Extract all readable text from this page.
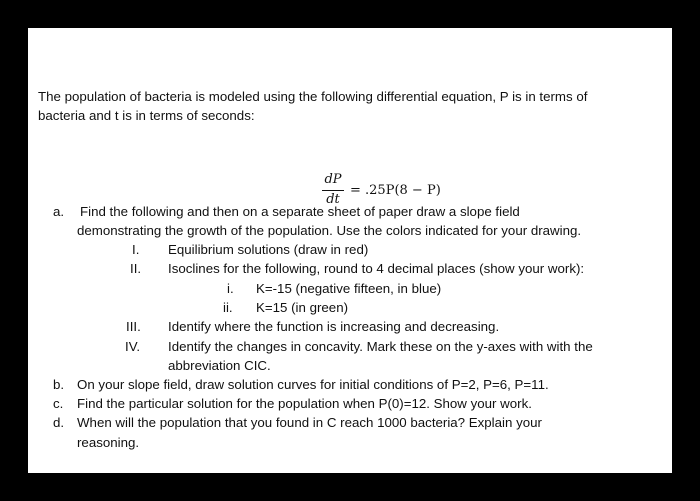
The population of bacteria is modeled using the following differential equation, P is in terms of
bacteria and t is in terms of seconds:
dP
dt
= .25P(8 − P)
a. Find the following and then on a separate sheet of paper draw a slope field
demonstrating the growth of the population. Use the colors indicated for your drawing.
I. Equilibrium solutions (draw in red)
II. Isoclines for the following, round to 4 decimal places (show your work):
i. K=-15 (negative fifteen, in blue)
ii. K=15 (in green)
III. Identify where the function is increasing and decreasing.
IV. Identify the changes in concavity. Mark these on the y-axes with with the
abbreviation CIC.
b. On your slope field, draw solution curves for initial conditions of P=2, P=6, P=11.
c. Find the particular solution for the population when P(0)=12. Show your work.
d. When will the population that you found in C reach 1000 bacteria? Explain your
reasoning.
